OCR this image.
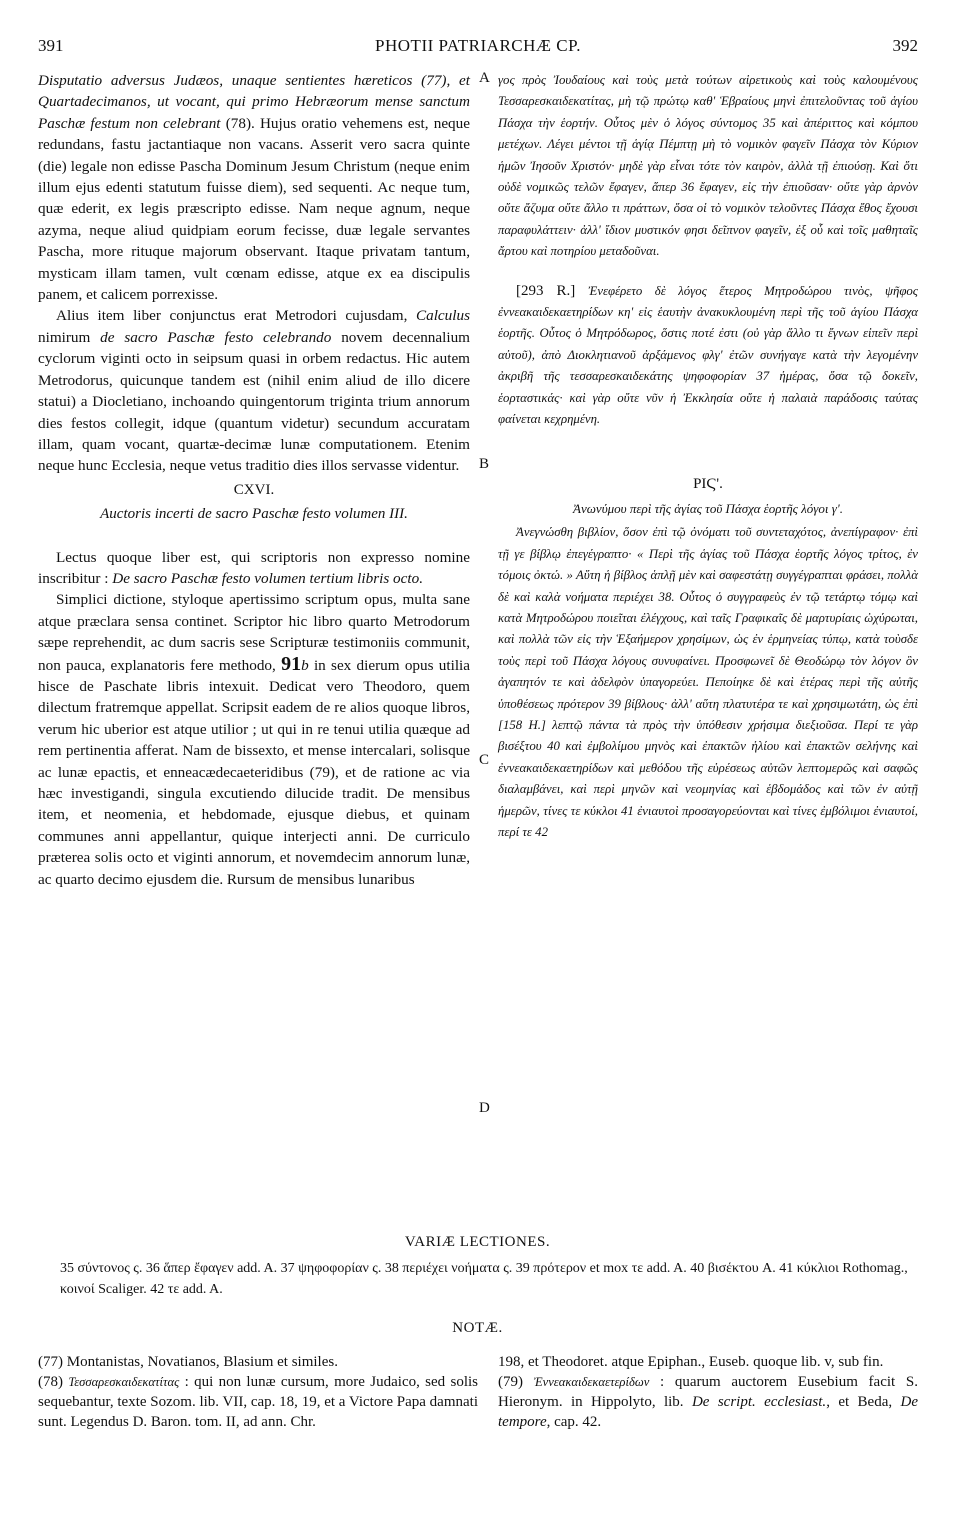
391	PHOTII PATRIARCHÆ CP.	392

Disputatio adversus Judæos, unaque sentientes hæreticos (77), et Quartadecimanos, ut vocant, qui primo Hebræorum mense sanctum Paschæ festum non celebrant (78). Hujus oratio vehemens est, neque redundans, fastu jactantiaque non vacans. Asserit vero sacra quinte (die) legale non edisse Pascha Dominum Jesum Christum (neque enim illum ejus edenti statutum fuisse diem), sed sequenti. Ac neque tum, quæ ederit, ex legis præscripto edisse. Nam neque agnum, neque azyma, neque aliud quidpiam eorum fecisse, duæ legale servantes Pascha, more rituque majorum observant. Itaque privatam tantum, mysticam illam tamen, vult cœnam edisse, atque ex ea discipulis panem, et calicem porrexisse.

Alius item liber conjunctus erat Metrodori cujusdam, Calculus nimirum de sacro Paschæ festo celebrando novem decennalium cyclorum viginti octo in seipsum quasi in orbem redactus. Hic autem Metrodorus, quicunque tandem est (nihil enim aliud de illo dicere statui) a Diocletiano, inchoando quingentorum triginta trium annorum dies festos collegit, idque (quantum videtur) secundum accuratam illam, quam vocant, quartæ-decimæ lunæ computationem. Etenim neque hunc Ecclesia, neque vetus traditio dies illos servasse videntur.

CXVI.
Auctoris incerti de sacro Paschæ festo volumen III.

Lectus quoque liber est, qui scriptoris non expresso nomine inscribitur : De sacro Paschæ festo volumen tertium libris octo.

Simplici dictione, styloque apertissimo scriptum opus, multa sane atque præclara sensa continet. Scriptor hic libro quarto Metrodorum sæpe reprehendit, ac dum sacris sese Scripturæ testimoniis communit, non pauca, explanatoris fere methodo, 91b in sex dierum opus utilia hisce de Paschate libris intexuit. Dedicat vero Theodoro, quem dilectum fratremque appellat. Scripsit eadem de re alios quoque libros, verum hic uberior est atque utilior ; ut qui in re tenui utilia quæque ad rem pertinentia afferat. Nam de bissexto, et mense intercalari, solisque ac lunæ epactis, et enneacædecaeteridibus (79), et de ratione ac via hæc investigandi, singula excutiendo dilucide tradit. De mensibus item, et neomenia, et hebdomade, ejusque diebus, et quinam communes anni appellantur, quique interjecti anni. De curriculo præterea solis octo et viginti annorum, et novemdecim annorum lunæ, ac quarto decimo ejusdem die. Rursum de mensibus lunaribus

A
B
C
D

γος πρὸς Ἰουδαίους καὶ τοὺς μετὰ τούτων αἱρετικοὺς καὶ τοὺς καλουμένους Τεσσαρεσκαιδεκατίτας, μὴ τῷ πρώτῳ καθ' Ἑβραίους μηνὶ ἐπιτελοῦντας τοῦ ἁγίου Πάσχα τὴν ἑορτήν. Οὗτος μὲν ὁ λόγος σύντομος 35 καὶ ἀπέριττος καὶ κόμπου μετέχων. Λέγει μέντοι τῇ ἁγίᾳ Πέμπτῃ μὴ τὸ νομικὸν φαγεῖν Πάσχα τὸν Κύριον ἡμῶν Ἰησοῦν Χριστόν· μηδὲ γὰρ εἶναι τότε τὸν καιρὸν, ἀλλὰ τῇ ἐπιούσῃ. Καὶ ὅτι οὐδὲ νομικῶς τελῶν ἔφαγεν, ἅπερ 36 ἔφαγεν, εἰς τὴν ἐπιοῦσαν· οὔτε γὰρ ἀρνὸν οὔτε ἄζυμα οὔτε ἄλλο τι πράττων, ὅσα οἱ τὸ νομικὸν τελοῦντες Πάσχα ἔθος ἔχουσι παραφυλάττειν· ἀλλ' ἴδιον μυστικόν φησι δεῖπνον φαγεῖν, ἐξ οὗ καὶ τοῖς μαθηταῖς ἄρτου καὶ ποτηρίου μεταδοῦναι.

[293 R.] Ἐνεφέρετο δὲ λόγος ἕτερος Μητροδώρου τινὸς, ψῆφος ἐννεακαιδεκαετηρίδων κη' εἰς ἑαυτὴν ἀνακυκλουμένη περὶ τῆς τοῦ ἁγίου Πάσχα ἑορτῆς. Οὗτος ὁ Μητρόδωρος, ὅστις ποτέ ἐστι (οὐ γὰρ ἄλλο τι ἔγνων εἰπεῖν περὶ αὐτοῦ), ἀπὸ Διοκλητιανοῦ ἀρξάμενος φλγ' ἐτῶν συνήγαγε κατὰ τὴν λεγομένην ἀκριβῆ τῆς τεσσαρεσκαιδεκάτης ψηφοφορίαν 37 ἡμέρας, ὅσα τῷ δοκεῖν, ἑορταστικάς· καὶ γὰρ οὔτε νῦν ἡ Ἐκκλησία οὔτε ἡ παλαιὰ παράδοσις ταύτας φαίνεται κεχρημένη.

ΡΙϚ'.
Ἀνωνύμου περὶ τῆς ἁγίας τοῦ Πάσχα ἑορτῆς λόγοι γ'.

Ἀνεγνώσθη βιβλίον, ὅσον ἐπὶ τῷ ὀνόματι τοῦ συντεταχότος, ἀνεπίγραφον· ἐπὶ τῇ γε βίβλῳ ἐπεγέγραπτο· « Περὶ τῆς ἁγίας τοῦ Πάσχα ἑορτῆς λόγος τρίτος, ἐν τόμοις ὀκτώ. » Αὕτη ἡ βίβλος ἁπλῇ μὲν καὶ σαφεστάτῃ συγγέγραπται φράσει, πολλὰ δὲ καὶ καλὰ νοήματα περιέχει 38. Οὗτος ὁ συγγραφεὺς ἐν τῷ τετάρτῳ τόμῳ καὶ κατὰ Μητροδώρου ποιεῖται ἐλέγχους, καὶ ταῖς Γραφικαῖς δὲ μαρτυρίαις ὠχύρωται, καὶ πολλὰ τῶν εἰς τὴν Ἑξαήμερον χρησίμων, ὡς ἐν ἑρμηνείας τύπῳ, κατὰ τοὺσδε τοὺς περὶ τοῦ Πάσχα λόγους συνυφαίνει. Προσφωνεῖ δὲ Θεοδώρῳ τὸν λόγον ὃν ἀγαπητόν τε καὶ ἀδελφὸν ὑπαγορεύει. Πεποίηκε δὲ καὶ ἑτέρας περὶ τῆς αὐτῆς ὑποθέσεως πρότερον 39 βίβλους· ἀλλ' αὕτη πλατυτέρα τε καὶ χρησιμωτάτη, ὡς ἐπὶ [158 H.] λεπτῷ πάντα τὰ πρὸς τὴν ὑπόθεσιν χρήσιμα διεξιοῦσα. Περί τε γὰρ βισέξτου 40 καὶ ἐμβολίμου μηνὸς καὶ ἐπακτῶν ἡλίου καὶ ἐπακτῶν σελήνης καὶ ἐννεακαιδεκαετηρίδων καὶ μεθόδου τῆς εὑρέσεως αὐτῶν λεπτομερῶς καὶ σαφῶς διαλαμβάνει, καὶ περὶ μηνῶν καὶ νεομηνίας καὶ ἑβδομάδος καὶ τῶν ἐν αὐτῇ ἡμερῶν, τίνες τε κύκλοι 41 ἐνιαυτοὶ προσαγορεύονται καὶ τίνες ἐμβόλιμοι ἐνιαυτοί, περί τε 42

VARIÆ LECTIONES.
35 σύντονος ς. 36 ἅπερ ἔφαγεν add. A. 37 ψηφοφορίαν ς. 38 περιέχει νοήματα ς. 39 πρότερον et mox τε add. A. 40 βισέκτου A. 41 κύκλιοι Rothomag., κοινοί Scaliger. 42 τε add. A.
NOTÆ.

(77) Montanistas, Novatianos, Blasium et similes.

(78) Τεσσαρεσκαιδεκατίτας : qui non lunæ cursum, more Judaico, sed solis sequebantur, texte Sozom. lib. VII, cap. 18, 19, et a Victore Papa damnati sunt. Legendus D. Baron. tom. II, ad ann. Chr.

198, et Theodoret. atque Epiphan., Euseb. quoque lib. v, sub fin.

(79) Ἐννεακαιδεκαετερίδων : quarum auctorem Eusebium facit S. Hieronym. in Hippolyto, lib. De script. ecclesiast., et Beda, De tempore, cap. 42.
